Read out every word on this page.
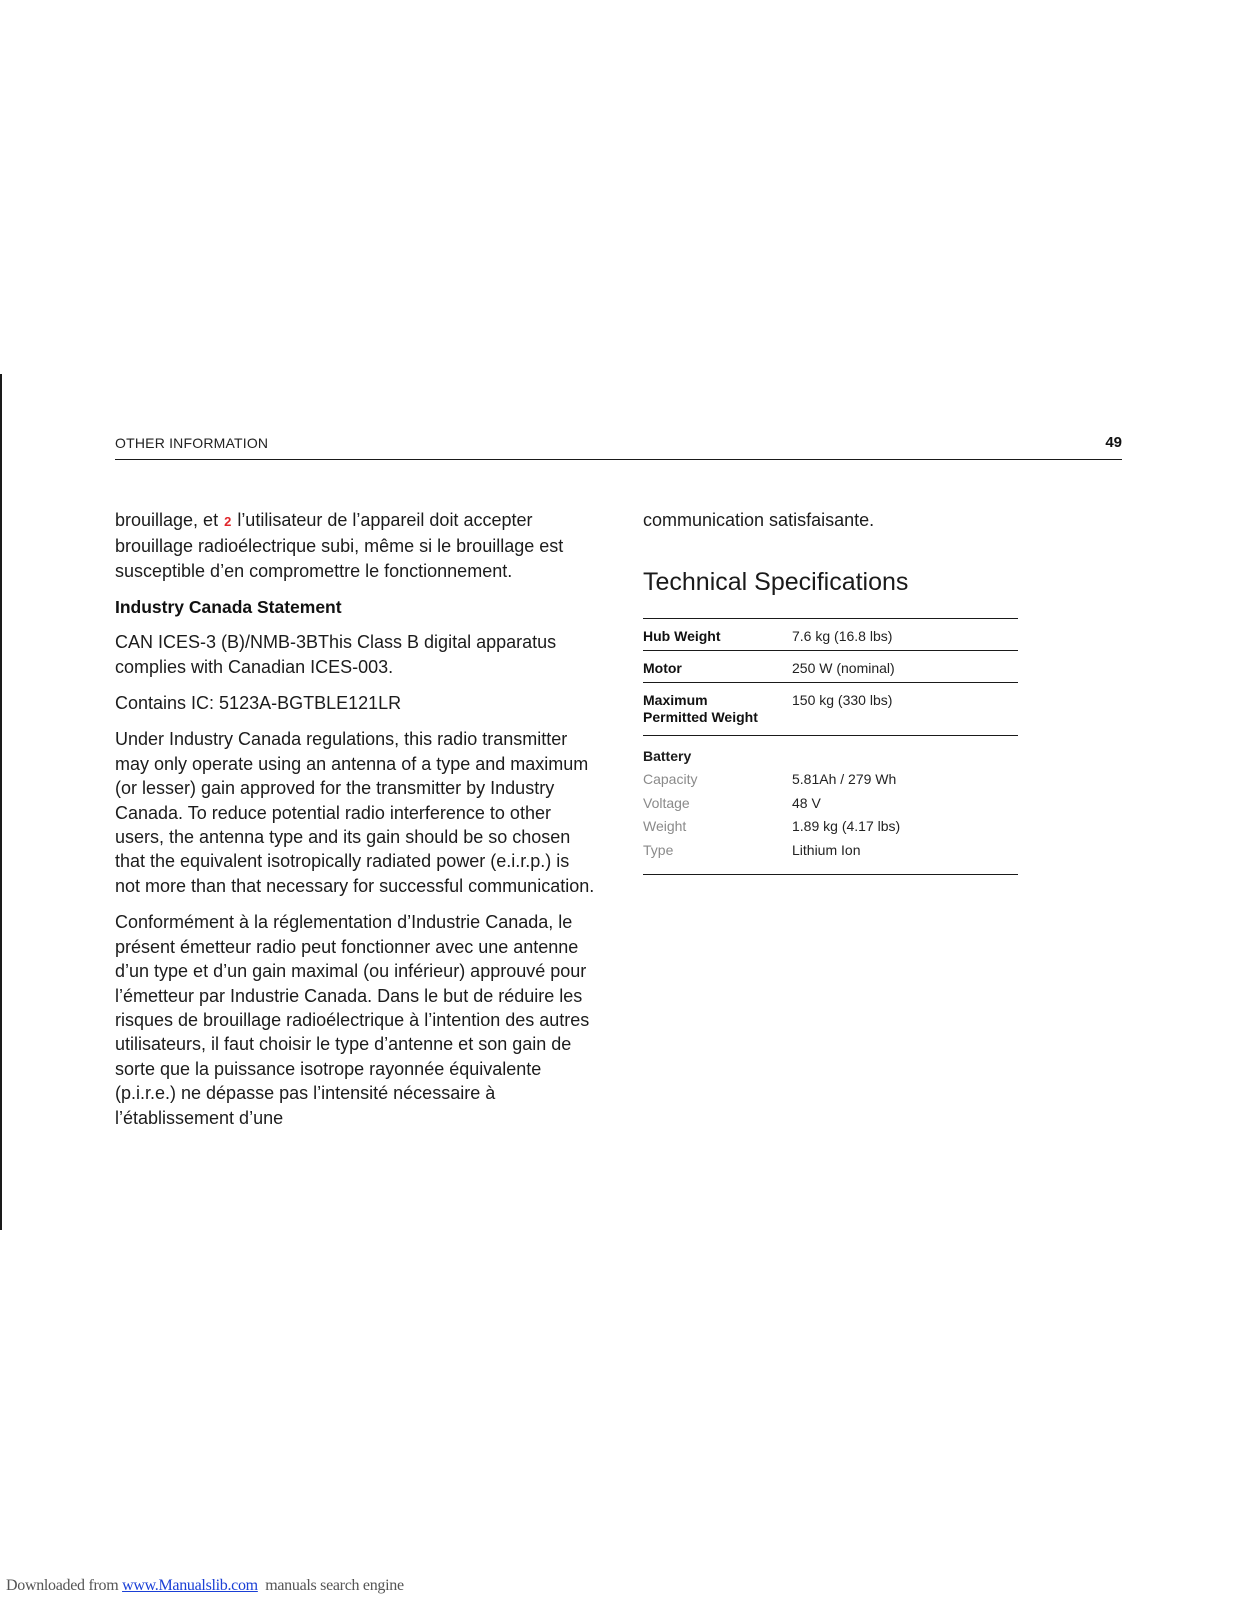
OTHER INFORMATION	49

brouillage, et 2 l’utilisateur de l’appareil doit accepter brouillage radioélectrique subi, même si le brouillage est susceptible d’en compromettre le fonctionnement.

Industry Canada Statement

CAN ICES-3 (B)/NMB-3BThis Class B digital apparatus complies with Canadian ICES-003.

Contains IC: 5123A-BGTBLE121LR

Under Industry Canada regulations, this radio transmitter may only operate using an antenna of a type and maximum (or lesser) gain approved for the transmitter by Industry Canada. To reduce potential radio interference to other users, the antenna type and its gain should be so chosen that the equivalent isotropically radiated power (e.i.r.p.) is not more than that necessary for successful communication.

Conformément à la réglementation d’Industrie Canada, le présent émetteur radio peut fonctionner avec une antenne d’un type et d’un gain maximal (ou inférieur) approuvé pour l’émetteur par Industrie Canada. Dans le but de réduire les risques de brouillage radioélectrique à l’intention des autres utilisateurs, il faut choisir le type d’antenne et son gain de sorte que la puissance isotrope rayonnée équivalente (p.i.r.e.) ne dépasse pas l’intensité nécessaire à l’établissement d’une

communication satisfaisante.

Technical Specifications
Hub Weight	7.6 kg (16.8 lbs)
Motor	250 W (nominal)
Maximum
Permitted Weight	150 kg (330 lbs)
Battery	
Capacity	5.81Ah / 279 Wh
Voltage	48 V
Weight	1.89 kg (4.17 lbs)
Type	Lithium Ion
Downloaded from www.Manualslib.com  manuals search engine
